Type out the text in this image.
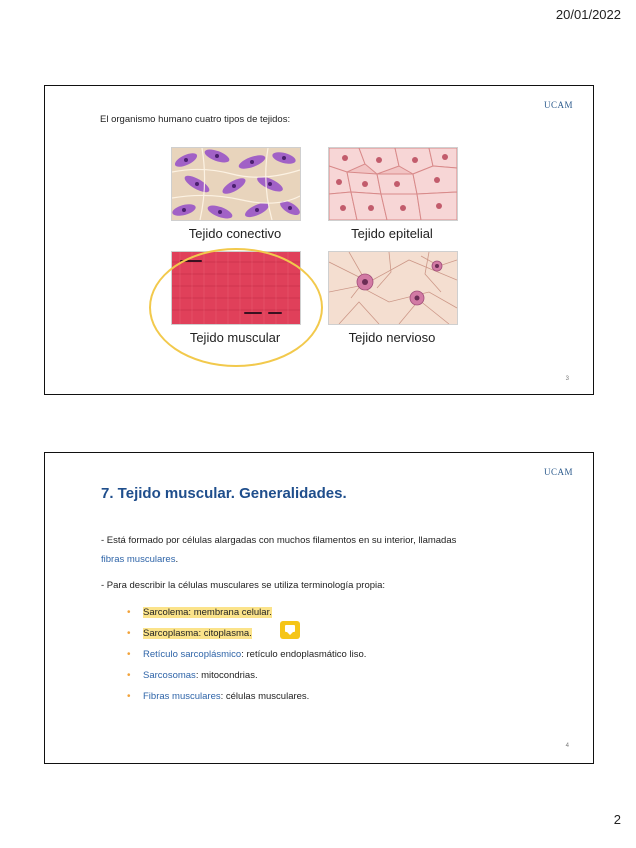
20/01/2022
UCAM
El organismo humano cuatro tipos de tejidos:
Tejido conectivo	Tejido epitelial
Tejido muscular	Tejido nervioso
3
UCAM
7. Tejido muscular. Generalidades.

- Está formado por células alargadas con muchos filamentos en su interior, llamadas
fibras musculares.

- Para describir la células musculares se utiliza terminología propia:

• Sarcolema: membrana celular.
• Sarcoplasma: citoplasma.
• Retículo sarcoplásmico: retículo endoplasmático liso.
• Sarcosomas: mitocondrias.
• Fibras musculares: células musculares.
4
2
